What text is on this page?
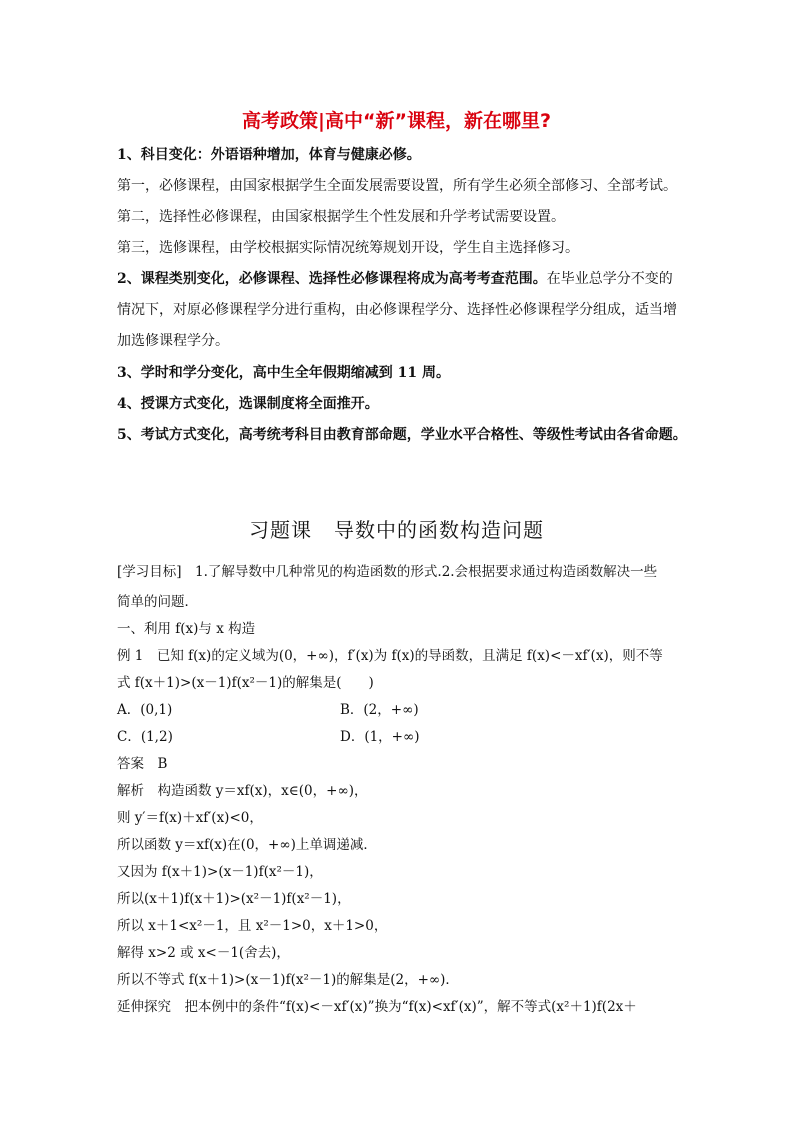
高考政策|高中“新”课程，新在哪里?
1、科目变化：外语语种增加，体育与健康必修。
第一，必修课程，由国家根据学生全面发展需要设置，所有学生必须全部修习、全部考试。
第二，选择性必修课程，由国家根据学生个性发展和升学考试需要设置。
第三，选修课程，由学校根据实际情况统筹规划开设，学生自主选择修习。
2、课程类别变化，必修课程、选择性必修课程将成为高考考查范围。在毕业总学分不变的
情况下，对原必修课程学分进行重构，由必修课程学分、选择性必修课程学分组成，适当增
加选修课程学分。
3、学时和学分变化，高中生全年假期缩减到 11 周。
4、授课方式变化，选课制度将全面推开。
5、考试方式变化，高考统考科目由教育部命题，学业水平合格性、等级性考试由各省命题。
习题课 导数中的函数构造问题
[学习目标]　1.了解导数中几种常见的构造函数的形式.2.会根据要求通过构造函数解决一些
简单的问题．
一、利用 f(x)与 x 构造
例 1　已知 f(x)的定义域为(0，+∞)，f′(x)为 f(x)的导函数，且满足 f(x)<－xf′(x)，则不等
式 f(x＋1)>(x－1)f(x²－1)的解集是(　　)
A．(0,1)	B．(2，+∞)
C．(1,2)	D．(1，+∞)
答案　B
解析　构造函数 y＝xf(x)，x∈(0，+∞)，
则 y′＝f(x)＋xf′(x)<0，
所以函数 y＝xf(x)在(0，+∞)上单调递减．
又因为 f(x＋1)>(x－1)f(x²－1)，
所以(x＋1)f(x＋1)>(x²－1)f(x²－1)，
所以 x＋1<x²－1，且 x²－1>0，x＋1>0，
解得 x>2 或 x<－1(舍去)，
所以不等式 f(x＋1)>(x－1)f(x²－1)的解集是(2，+∞)．
延伸探究　把本例中的条件“f(x)<－xf′(x)”换为“f(x)<xf′(x)”，解不等式(x²＋1)f(2x＋
